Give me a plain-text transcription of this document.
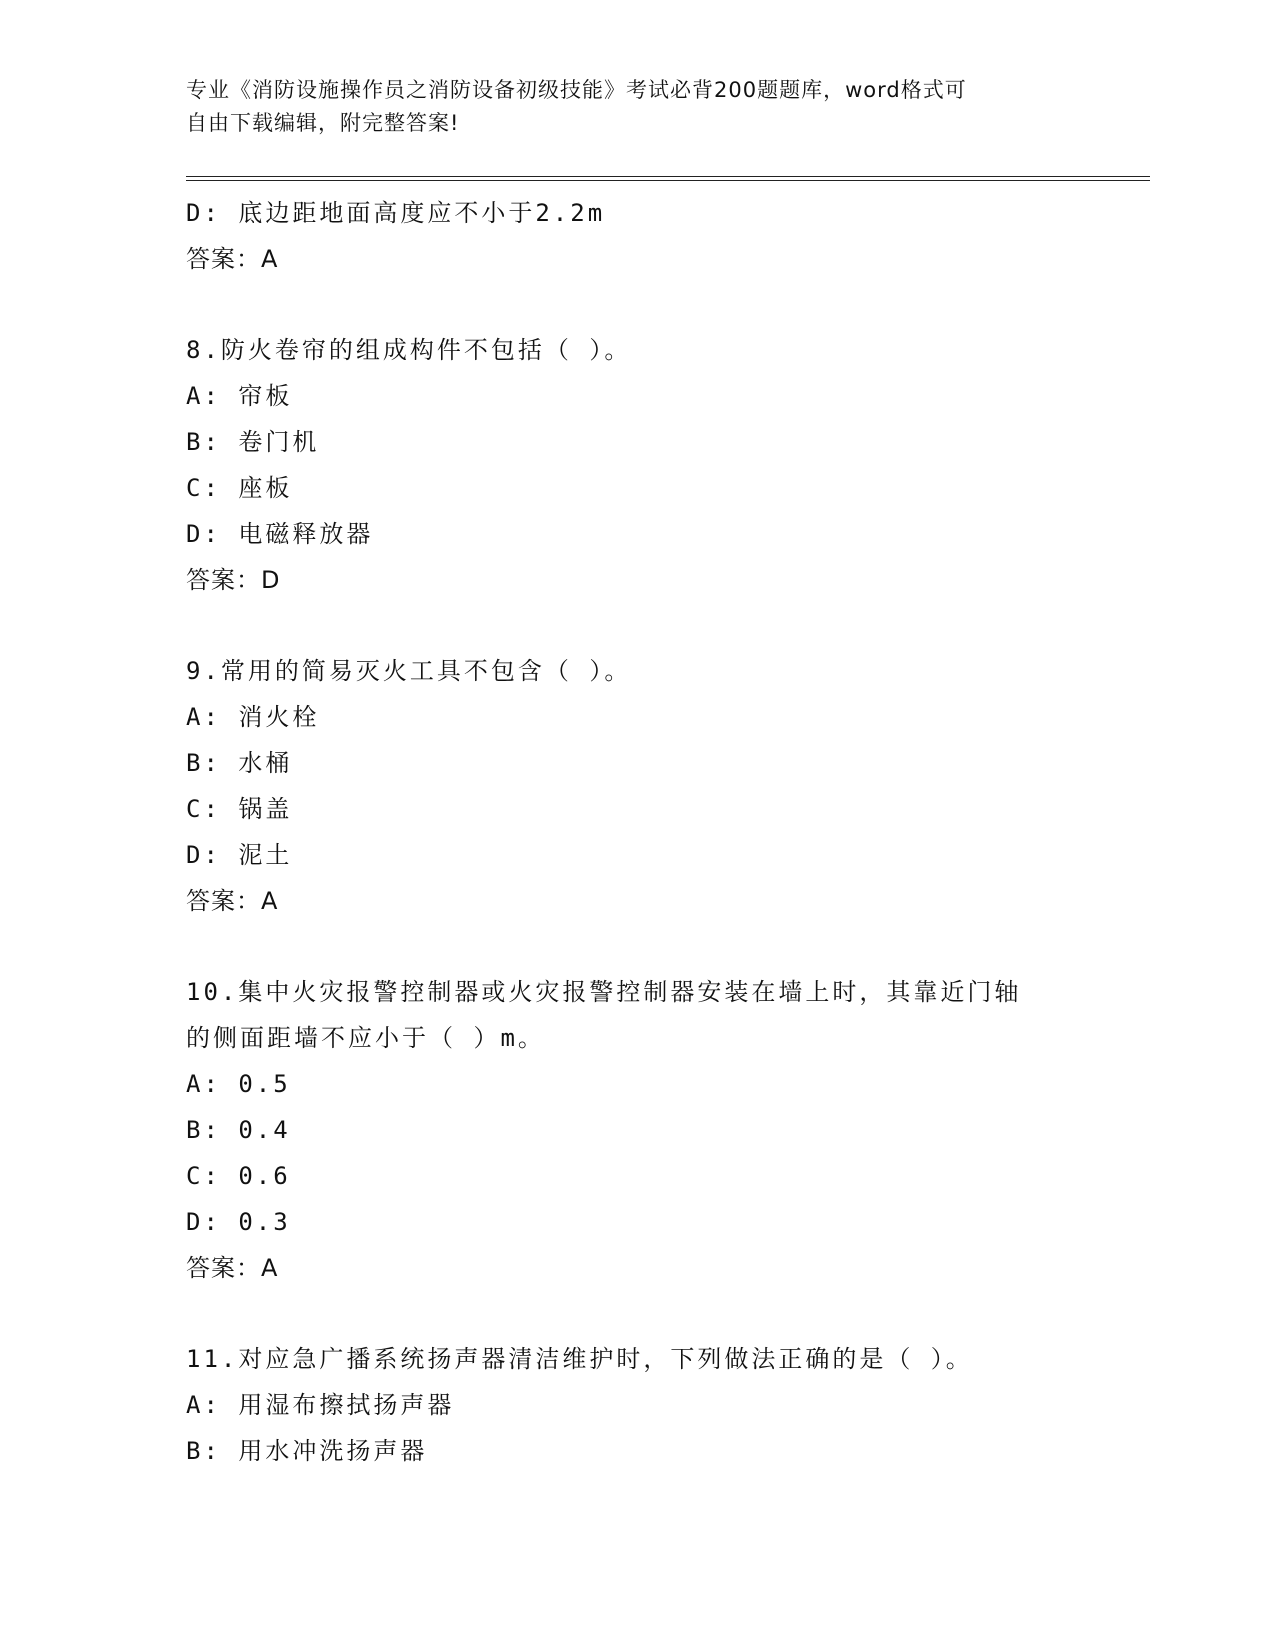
专业《消防设施操作员之消防设备初级技能》考试必背200题题库，word格式可
自由下载编辑，附完整答案!
D: 底边距地面高度应不小于2.2m
答案：A
8.防火卷帘的组成构件不包括（ ）。
A: 帘板
B: 卷门机
C: 座板
D: 电磁释放器
答案：D
9.常用的简易灭火工具不包含（ ）。
A: 消火栓
B: 水桶
C: 锅盖
D: 泥土
答案：A
10.集中火灾报警控制器或火灾报警控制器安装在墙上时，其靠近门轴
的侧面距墙不应小于（ ）m。
A: 0.5
B: 0.4
C: 0.6
D: 0.3
答案：A
11.对应急广播系统扬声器清洁维护时，下列做法正确的是（ ）。
A: 用湿布擦拭扬声器
B: 用水冲洗扬声器
